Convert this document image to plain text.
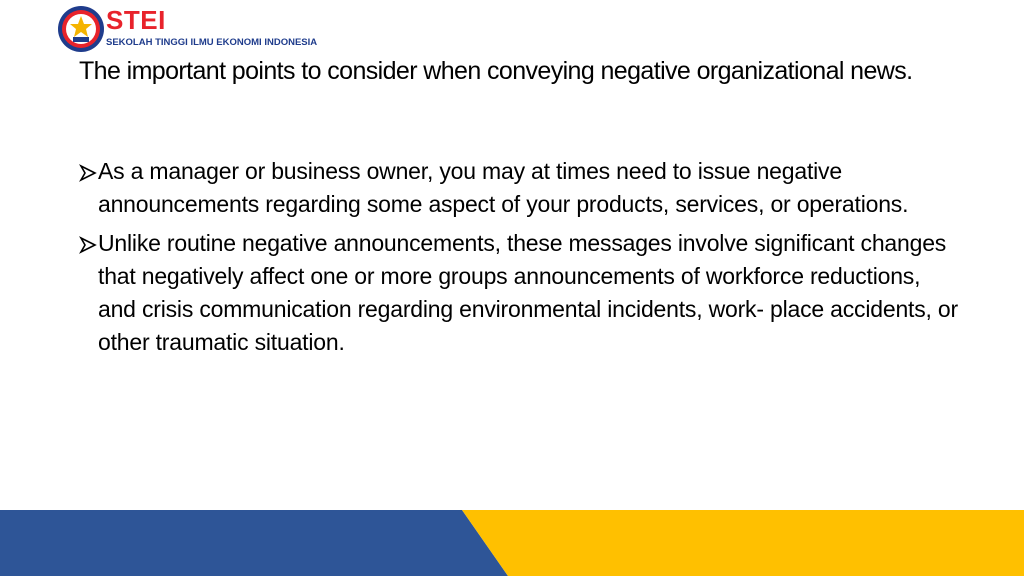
STEI
SEKOLAH TINGGI ILMU EKONOMI INDONESIA
The important points to consider when conveying negative organizational news.
As a manager or business owner, you may at times need to issue negative announcements regarding some aspect of your products, services, or operations.
Unlike routine negative announcements, these messages involve significant changes that negatively affect one or more groups announcements of workforce reductions, and crisis communication regarding environmental incidents, work- place accidents, or other traumatic situation.
